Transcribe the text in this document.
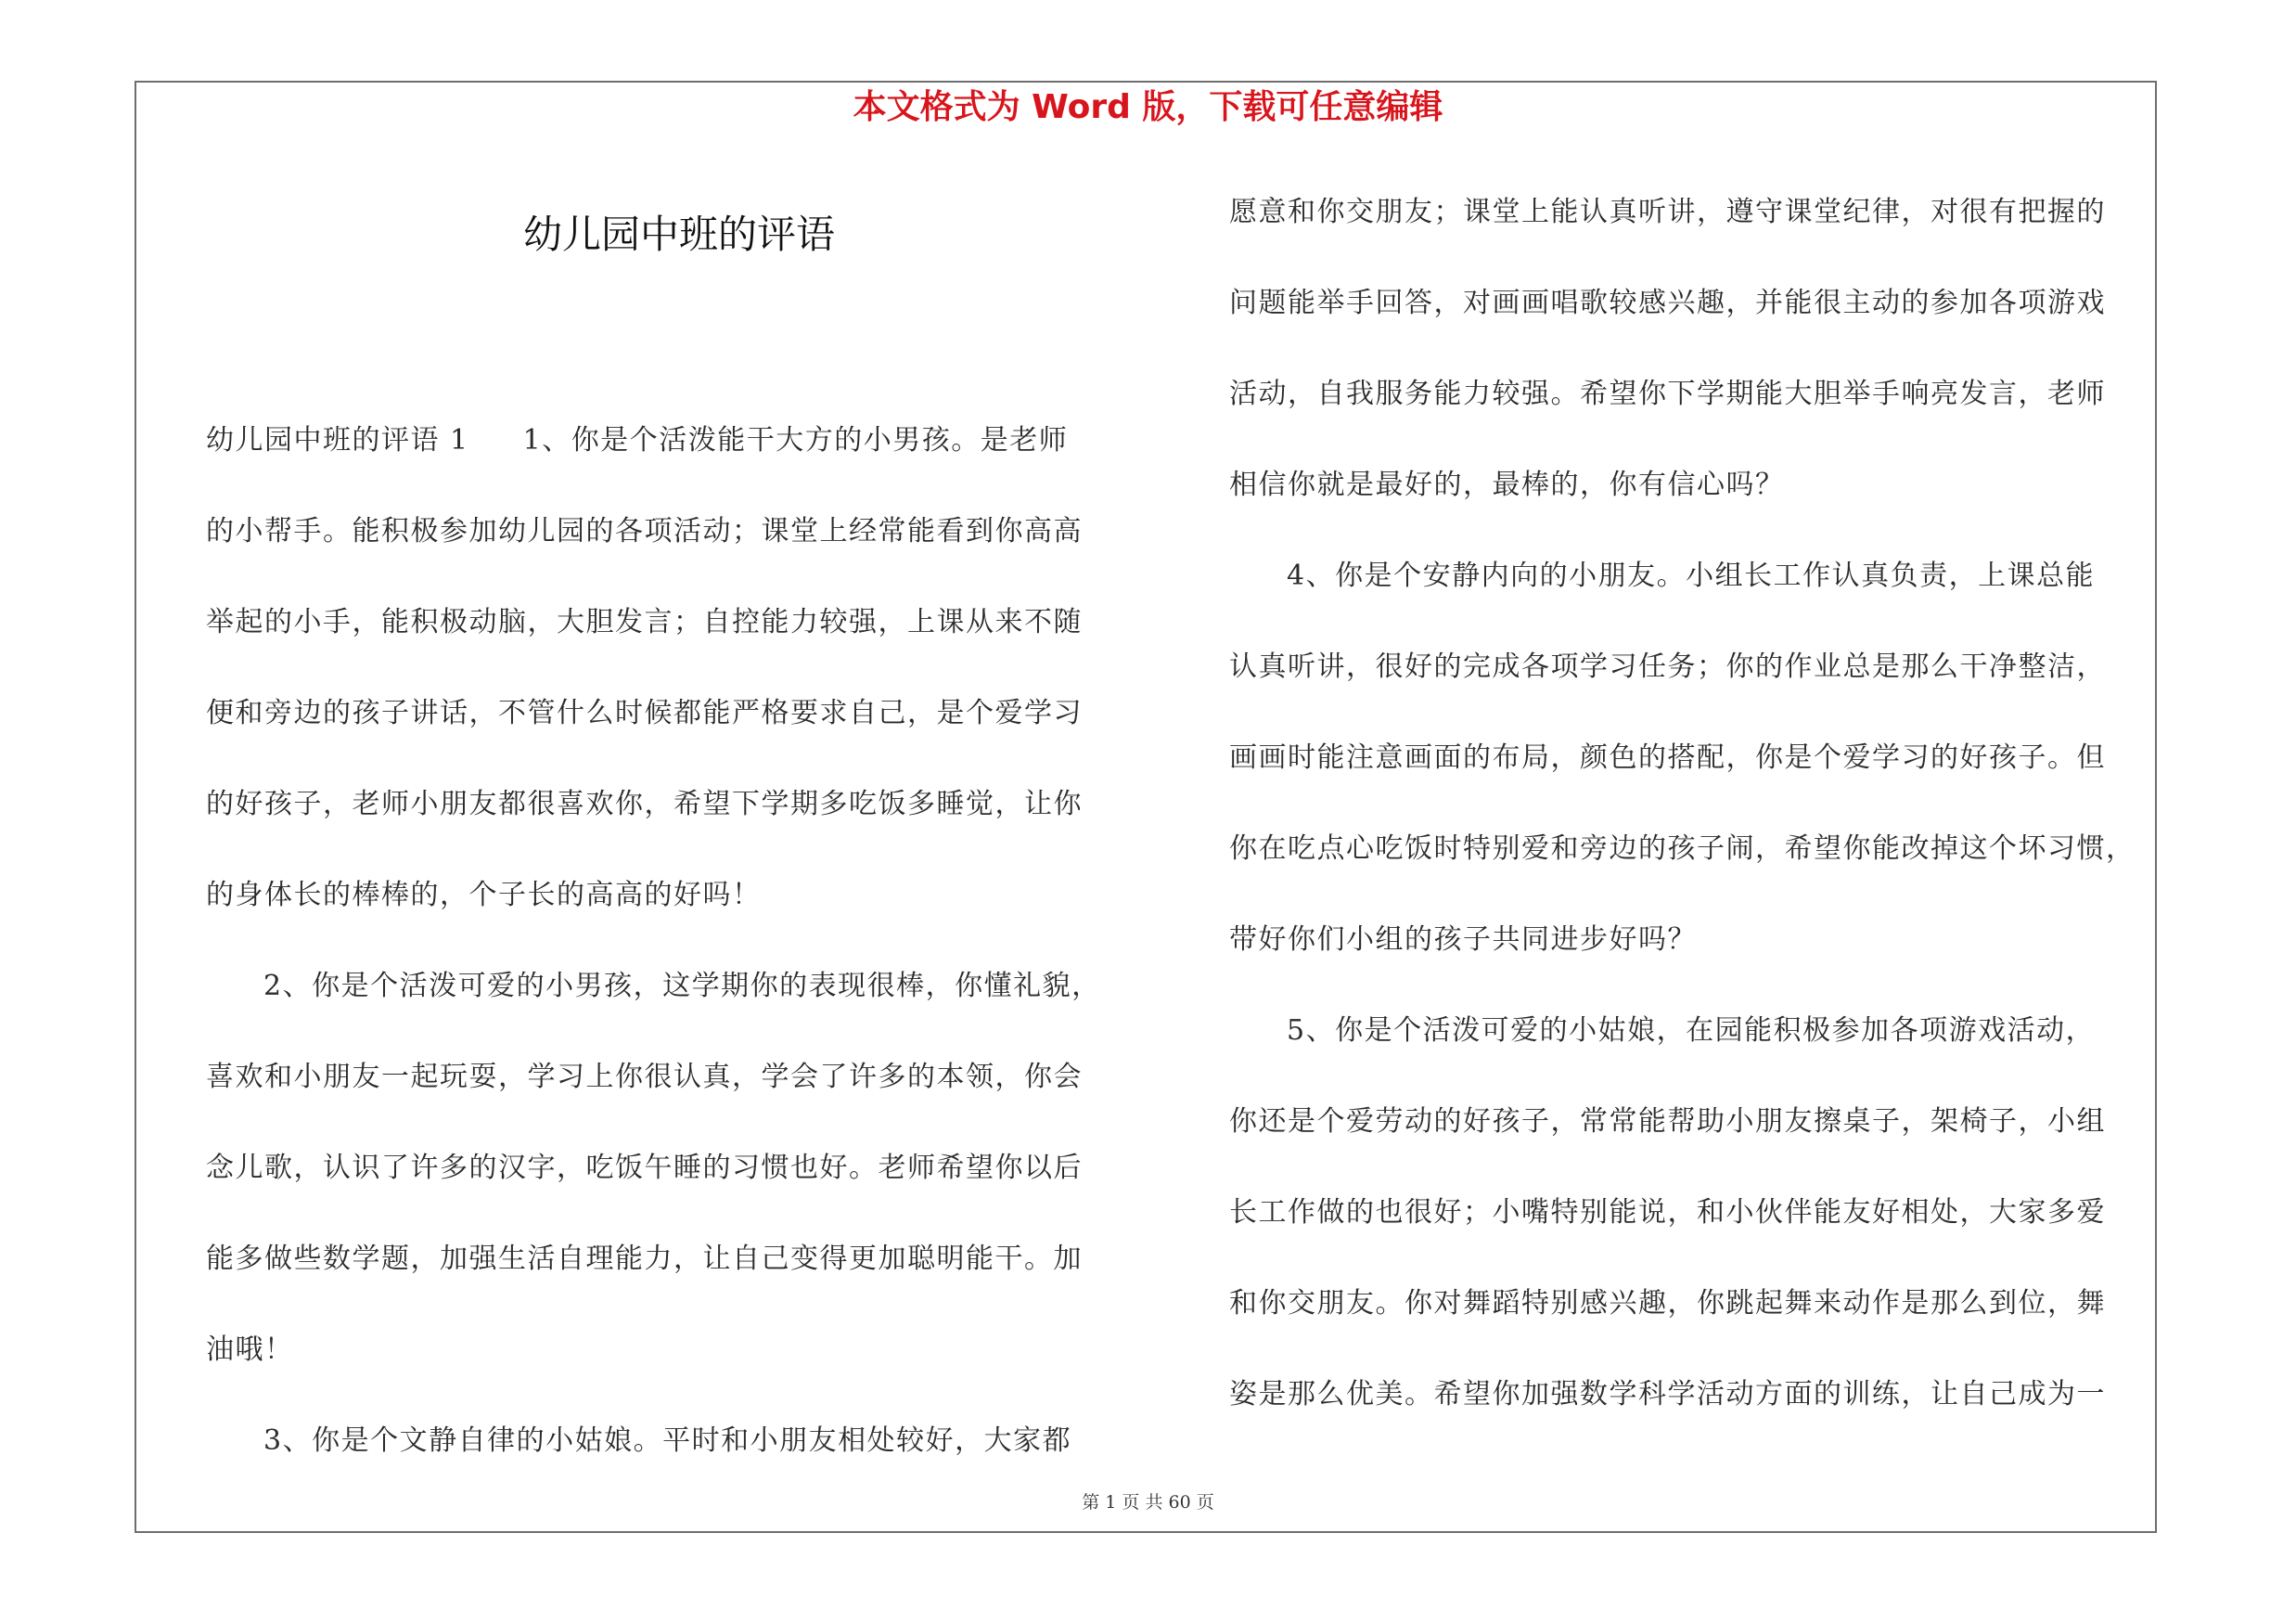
本文格式为 Word 版，下载可任意编辑
幼儿园中班的评语
幼儿园中班的评语 1 1、你是个活泼能干大方的小男孩。是老师
的小帮手。能积极参加幼儿园的各项活动；课堂上经常能看到你高高
举起的小手，能积极动脑，大胆发言；自控能力较强，上课从来不随
便和旁边的孩子讲话，不管什么时候都能严格要求自己，是个爱学习
的好孩子，老师小朋友都很喜欢你，希望下学期多吃饭多睡觉，让你
的身体长的棒棒的，个子长的高高的好吗！
2、你是个活泼可爱的小男孩，这学期你的表现很棒，你懂礼貌，
喜欢和小朋友一起玩耍，学习上你很认真，学会了许多的本领，你会
念儿歌，认识了许多的汉字，吃饭午睡的习惯也好。老师希望你以后
能多做些数学题，加强生活自理能力，让自己变得更加聪明能干。加
油哦！
3、你是个文静自律的小姑娘。平时和小朋友相处较好，大家都
愿意和你交朋友；课堂上能认真听讲，遵守课堂纪律，对很有把握的
问题能举手回答，对画画唱歌较感兴趣，并能很主动的参加各项游戏
活动，自我服务能力较强。希望你下学期能大胆举手响亮发言，老师
相信你就是最好的，最棒的，你有信心吗？
4、你是个安静内向的小朋友。小组长工作认真负责，上课总能
认真听讲，很好的完成各项学习任务；你的作业总是那么干净整洁，
画画时能注意画面的布局，颜色的搭配，你是个爱学习的好孩子。但
你在吃点心吃饭时特别爱和旁边的孩子闹，希望你能改掉这个坏习惯，
带好你们小组的孩子共同进步好吗？
5、你是个活泼可爱的小姑娘，在园能积极参加各项游戏活动，
你还是个爱劳动的好孩子，常常能帮助小朋友擦桌子，架椅子，小组
长工作做的也很好；小嘴特别能说，和小伙伴能友好相处，大家多爱
和你交朋友。你对舞蹈特别感兴趣，你跳起舞来动作是那么到位，舞
姿是那么优美。希望你加强数学科学活动方面的训练，让自己成为一
第 1 页 共 60 页
